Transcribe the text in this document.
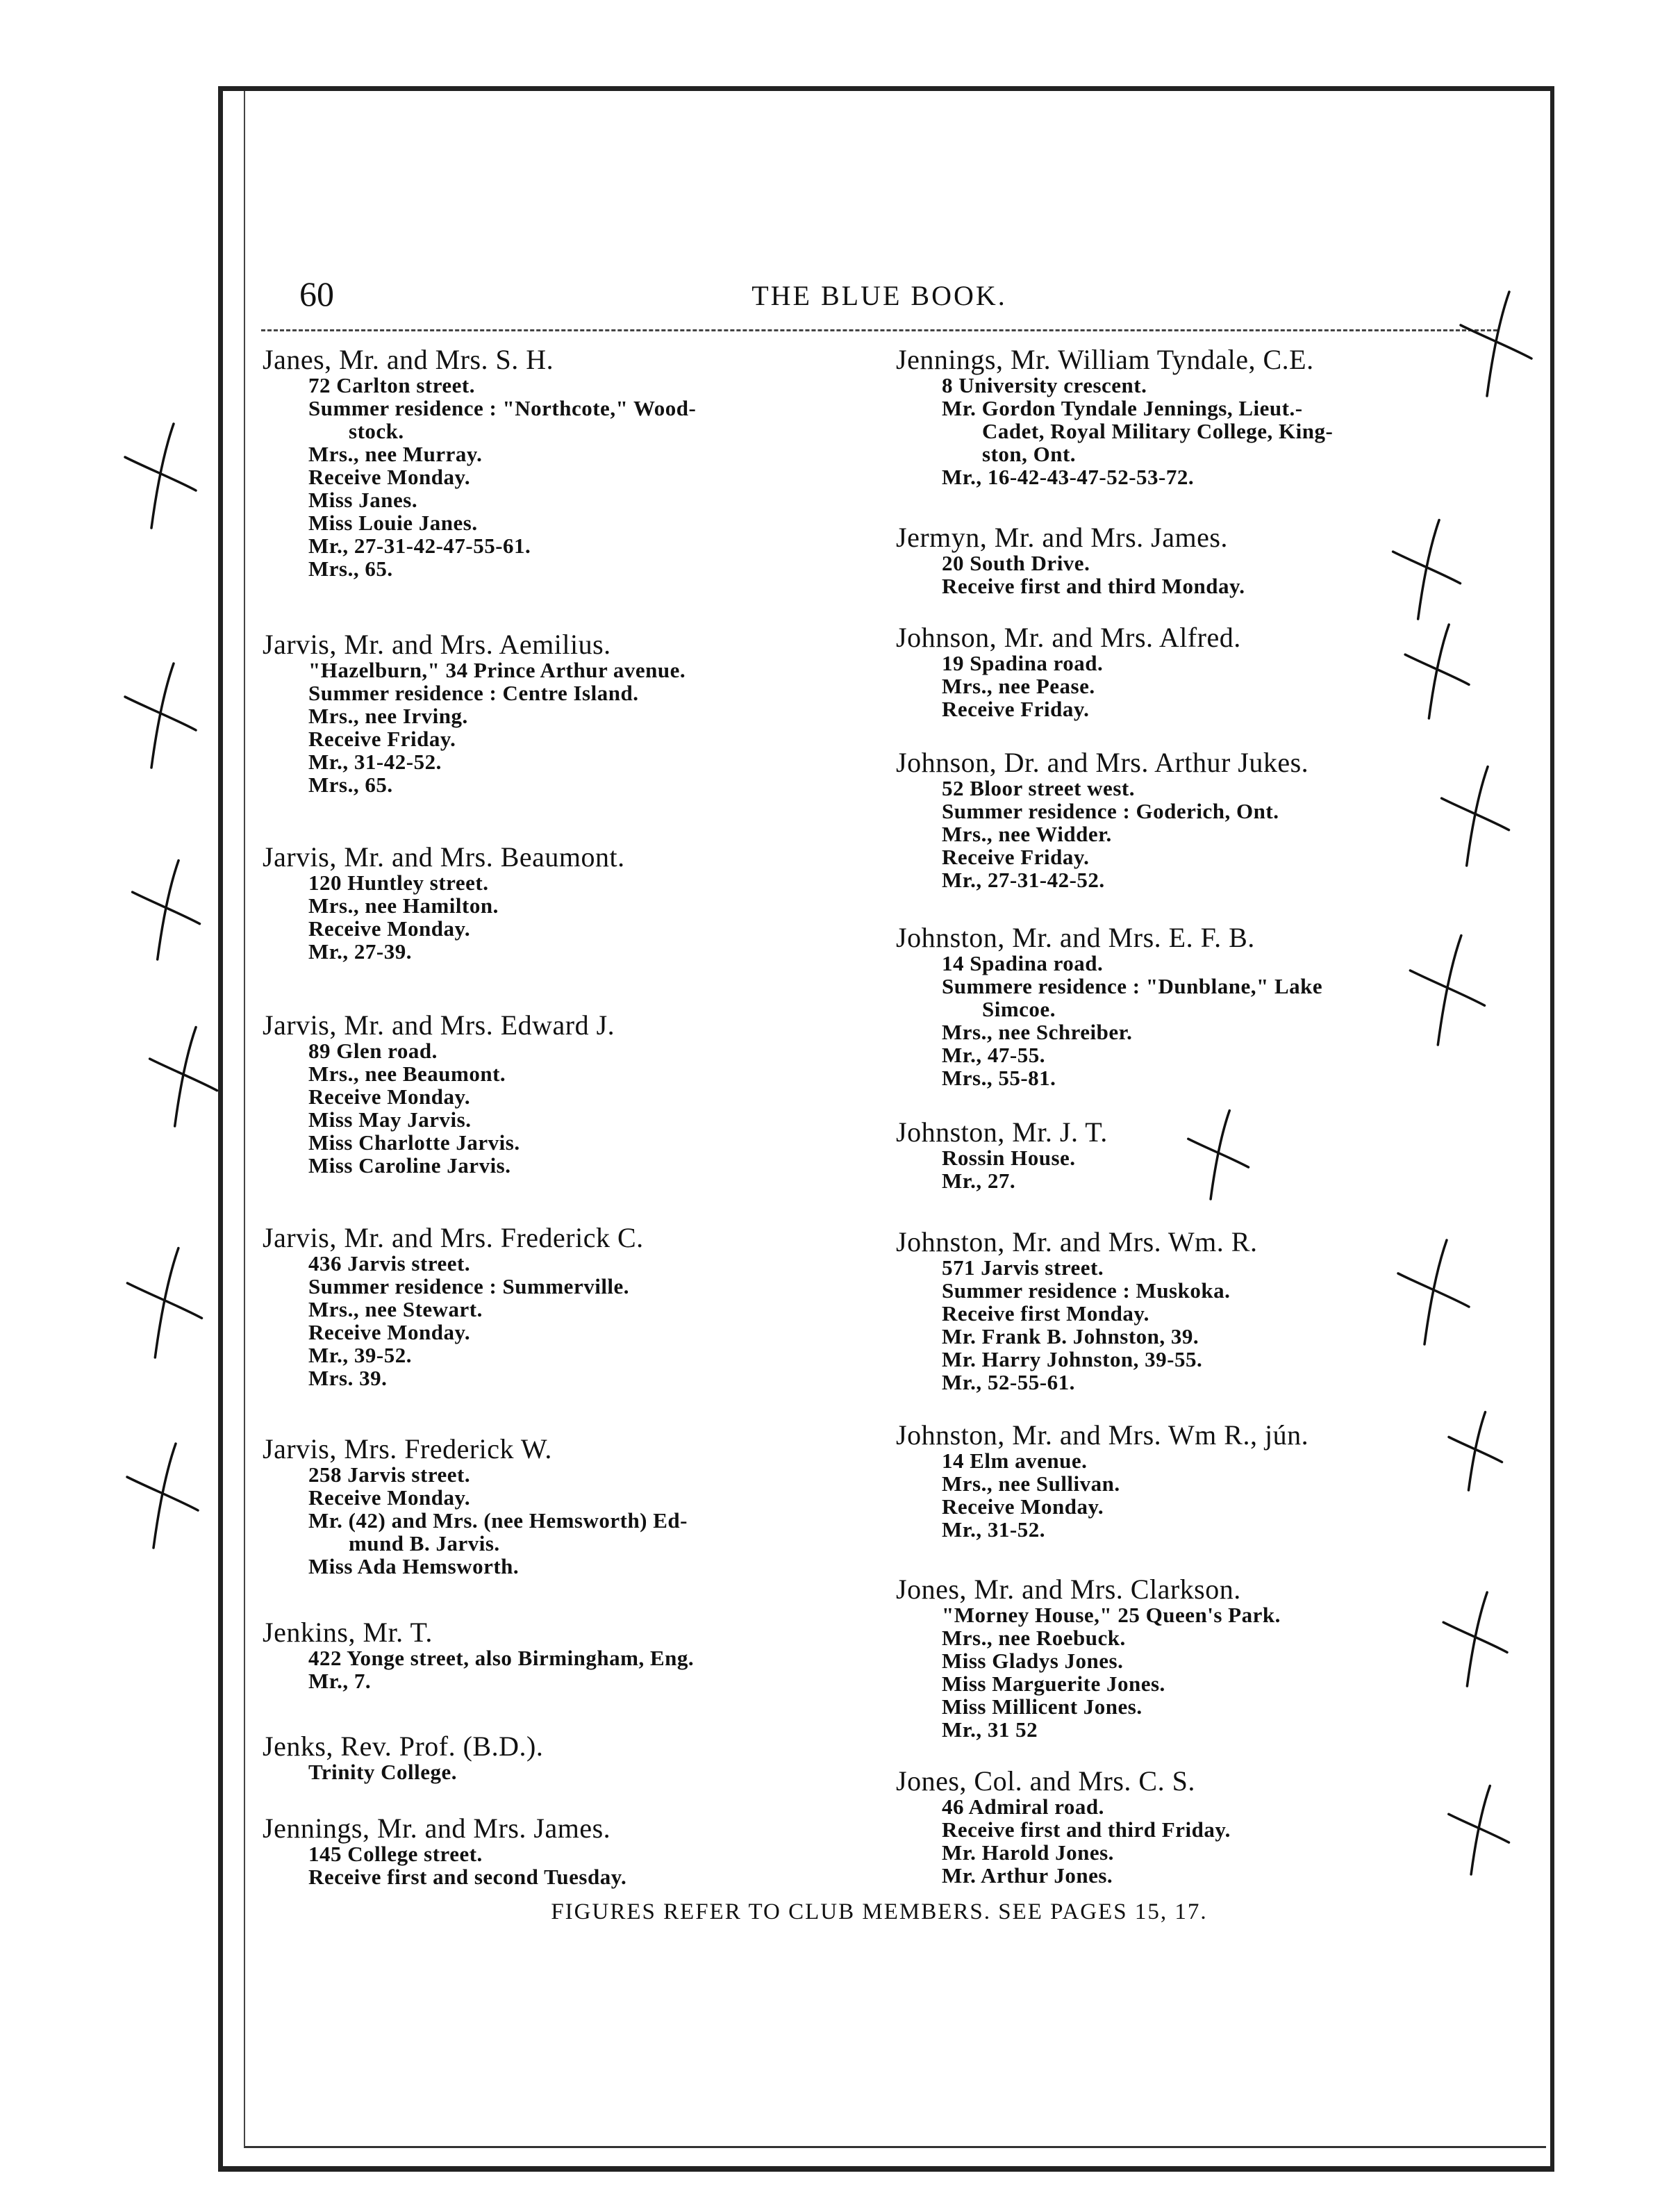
60	THE BLUE BOOK.
Janes, Mr. and Mrs. S. H.
72 Carlton street.
Summer residence : "Northcote," Wood-
stock.
Mrs., nee Murray.
Receive Monday.
Miss Janes.
Miss Louie Janes.
Mr., 27-31-42-47-55-61.
Mrs., 65.
Jarvis, Mr. and Mrs. Aemilius.
"Hazelburn," 34 Prince Arthur avenue.
Summer residence : Centre Island.
Mrs., nee Irving.
Receive Friday.
Mr., 31-42-52.
Mrs., 65.
Jarvis, Mr. and Mrs. Beaumont.
120 Huntley street.
Mrs., nee Hamilton.
Receive Monday.
Mr., 27-39.
Jarvis, Mr. and Mrs. Edward J.
89 Glen road.
Mrs., nee Beaumont.
Receive Monday.
Miss May Jarvis.
Miss Charlotte Jarvis.
Miss Caroline Jarvis.
Jarvis, Mr. and Mrs. Frederick C.
436 Jarvis street.
Summer residence : Summerville.
Mrs., nee Stewart.
Receive Monday.
Mr., 39-52.
Mrs. 39.
Jarvis, Mrs. Frederick W.
258 Jarvis street.
Receive Monday.
Mr. (42) and Mrs. (nee Hemsworth) Ed-
mund B. Jarvis.
Miss Ada Hemsworth.
Jenkins, Mr. T.
422 Yonge street, also Birmingham, Eng.
Mr., 7.
Jenks, Rev. Prof. (B.D.).
Trinity College.
Jennings, Mr. and Mrs. James.
145 College street.
Receive first and second Tuesday.
Jennings, Mr. William Tyndale, C.E.
8 University crescent.
Mr. Gordon Tyndale Jennings, Lieut.-
Cadet, Royal Military College, King-
ston, Ont.
Mr., 16-42-43-47-52-53-72.
Jermyn, Mr. and Mrs. James.
20 South Drive.
Receive first and third Monday.
Johnson, Mr. and Mrs. Alfred.
19 Spadina road.
Mrs., nee Pease.
Receive Friday.
Johnson, Dr. and Mrs. Arthur Jukes.
52 Bloor street west.
Summer residence : Goderich, Ont.
Mrs., nee Widder.
Receive Friday.
Mr., 27-31-42-52.
Johnston, Mr. and Mrs. E. F. B.
14 Spadina road.
Summere residence : "Dunblane," Lake
Simcoe.
Mrs., nee Schreiber.
Mr., 47-55.
Mrs., 55-81.
Johnston, Mr. J. T.
Rossin House.
Mr., 27.
Johnston, Mr. and Mrs. Wm. R.
571 Jarvis street.
Summer residence : Muskoka.
Receive first Monday.
Mr. Frank B. Johnston, 39.
Mr. Harry Johnston, 39-55.
Mr., 52-55-61.
Johnston, Mr. and Mrs. Wm R., jún.
14 Elm avenue.
Mrs., nee Sullivan.
Receive Monday.
Mr., 31-52.
Jones, Mr. and Mrs. Clarkson.
"Morney House," 25 Queen's Park.
Mrs., nee Roebuck.
Miss Gladys Jones.
Miss Marguerite Jones.
Miss Millicent Jones.
Mr., 31 52
Jones, Col. and Mrs. C. S.
46 Admiral road.
Receive first and third Friday.
Mr. Harold Jones.
Mr. Arthur Jones.
FIGURES REFER TO CLUB MEMBERS. SEE PAGES 15, 17.
